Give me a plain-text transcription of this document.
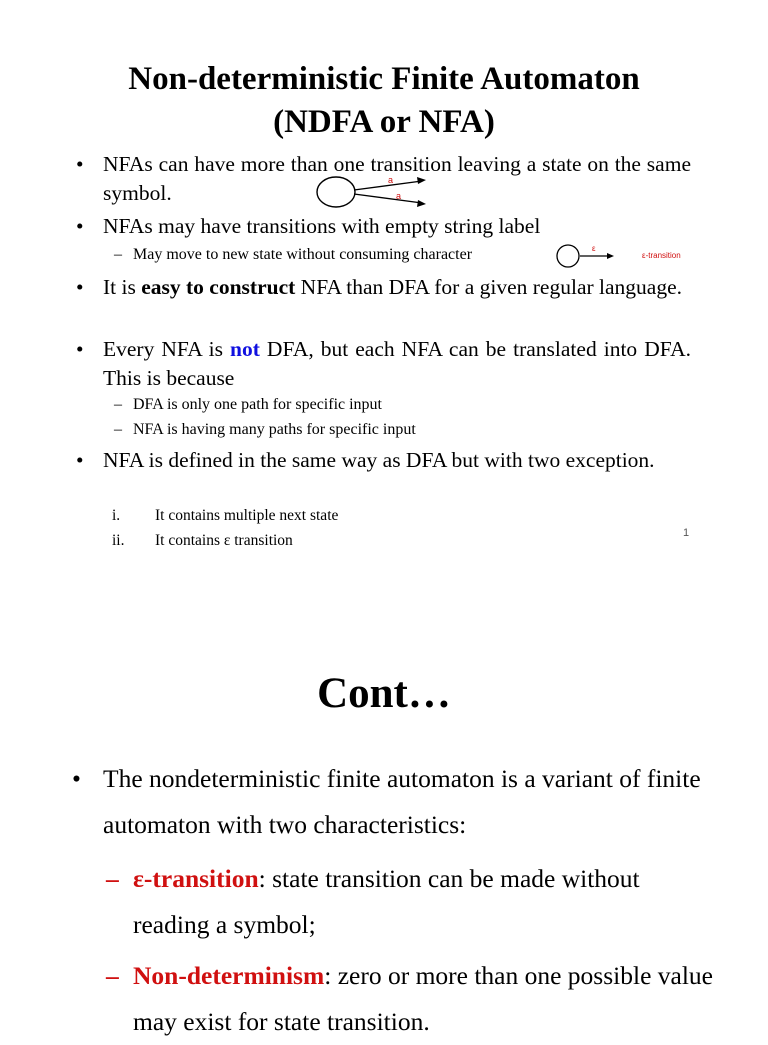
Non-deterministic Finite Automaton
(NDFA or NFA)
• NFAs can have more than one transition leaving a state on the same symbol.
a
a
• NFAs may have transitions with empty string label
– May move to new state without consuming character	ε
ε-transition
• It is easy to construct NFA than DFA for a given regular language.
• Every NFA is not DFA, but each NFA can be translated into DFA. This is because
– DFA is only one path for specific input
– NFA is having many paths for specific input
• NFA is defined in the same way as DFA but with two exception.
i. It contains multiple next state
ii. It contains ε transition	1
Cont…
• The nondeterministic finite automaton is a variant of finite automaton with two characteristics:
– ε-transition: state transition can be made without reading a symbol;
– Non-determinism: zero or more than one possible value may exist for state transition.
